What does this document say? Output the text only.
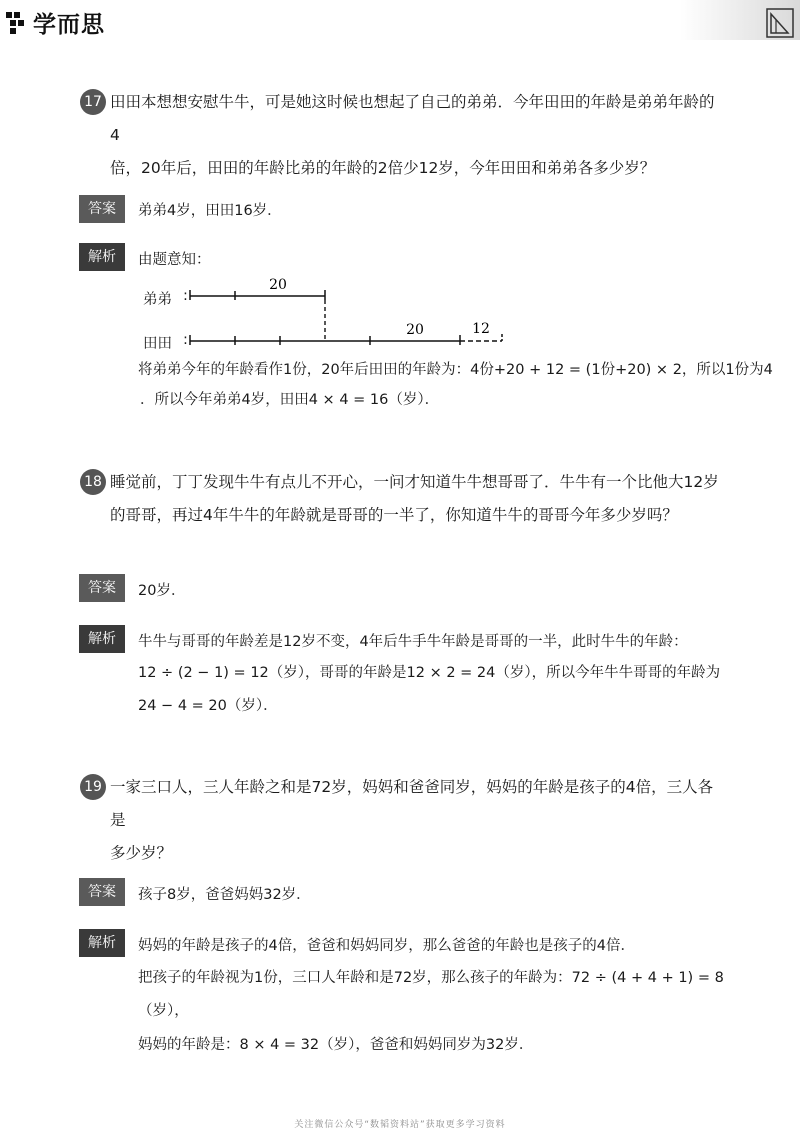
学而思
17 田田本想想安慰牛牛，可是她这时候也想起了自己的弟弟．今年田田的年龄是弟弟年龄的4
倍，20年后，田田的年龄比弟的年龄的2倍少12岁，今年田田和弟弟各多少岁？
答案	弟弟4岁，田田16岁．
解析	由题意知：
弟弟 :
田田 :
20
20	12
将弟弟今年的年龄看作1份，20年后田田的年龄为：4份+20 + 12 = (1份+20) × 2，所以1份为4
．所以今年弟弟4岁，田田4 × 4 = 16（岁）．
18 睡觉前，丁丁发现牛牛有点儿不开心，一问才知道牛牛想哥哥了．牛牛有一个比他大12岁
的哥哥，再过4年牛牛的年龄就是哥哥的一半了，你知道牛牛的哥哥今年多少岁吗？
答案	20岁．
解析	牛牛与哥哥的年龄差是12岁不变，4年后牛手牛年龄是哥哥的一半，此时牛牛的年龄：
12 ÷ (2 − 1) = 12（岁），哥哥的年龄是12 × 2 = 24（岁），所以今年牛牛哥哥的年龄为
24 − 4 = 20（岁）．
19 一家三口人，三人年龄之和是72岁，妈妈和爸爸同岁，妈妈的年龄是孩子的4倍，三人各是
多少岁？
答案	孩子8岁，爸爸妈妈32岁．
解析	妈妈的年龄是孩子的4倍，爸爸和妈妈同岁，那么爸爸的年龄也是孩子的4倍．
把孩子的年龄视为1份，三口人年龄和是72岁，那么孩子的年龄为：72 ÷ (4 + 4 + 1) = 8
（岁），
妈妈的年龄是：8 × 4 = 32（岁），爸爸和妈妈同岁为32岁．
关注微信公众号“数韬资料站”获取更多学习资料
